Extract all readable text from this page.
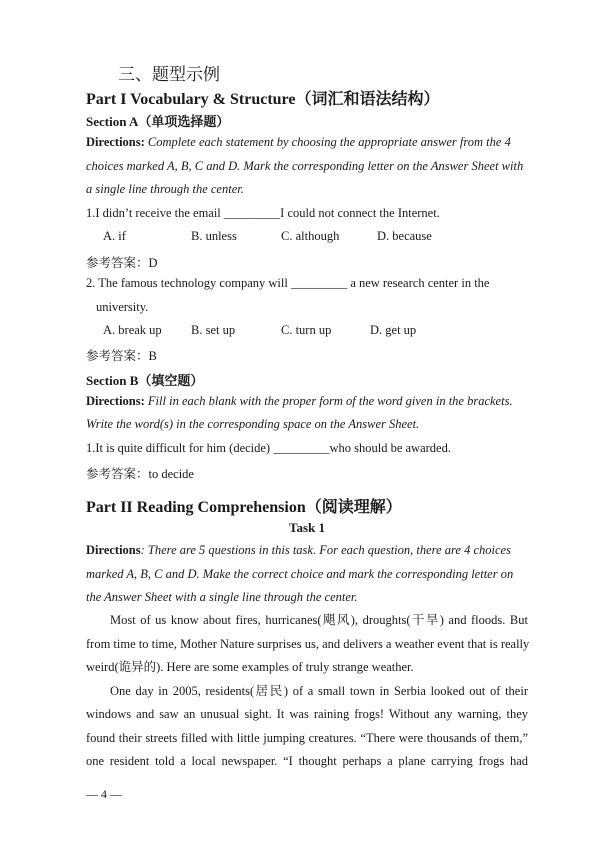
三、题型示例
Part I Vocabulary & Structure（词汇和语法结构）
Section A（单项选择题）
Directions: Complete each statement by choosing the appropriate answer from the 4
choices marked A, B, C and D. Mark the corresponding letter on the Answer Sheet with
a single line through the center.
1.I didn’t receive the email _________I could not connect the Internet.
A. if	B. unless	C. although	D. because
参考答案：D
2. The famous technology company will _________ a new research center in the
university.
A. break up B. set up	C. turn up	D. get up
参考答案：B
Section B（填空题）
Directions: Fill in each blank with the proper form of the word given in the brackets.
Write the word(s) in the corresponding space on the Answer Sheet.
1.It is quite difficult for him (decide) _________who should be awarded.
参考答案：to decide
Part II Reading Comprehension（阅读理解）
Task 1
Directions: There are 5 questions in this task. For each question, there are 4 choices
marked A, B, C and D. Make the correct choice and mark the corresponding letter on
the Answer Sheet with a single line through the center.
Most of us know about fires, hurricanes(飓风), droughts(干旱) and floods. But
from time to time, Mother Nature surprises us, and delivers a weather event that is really
weird(诡异的). Here are some examples of truly strange weather.
One day in 2005, residents(居民) of a small town in Serbia looked out of their
windows and saw an unusual sight. It was raining frogs! Without any warning, they
found their streets filled with little jumping creatures. “There were thousands of them,”
one resident told a local newspaper. “I thought perhaps a plane carrying frogs had
— 4 —
